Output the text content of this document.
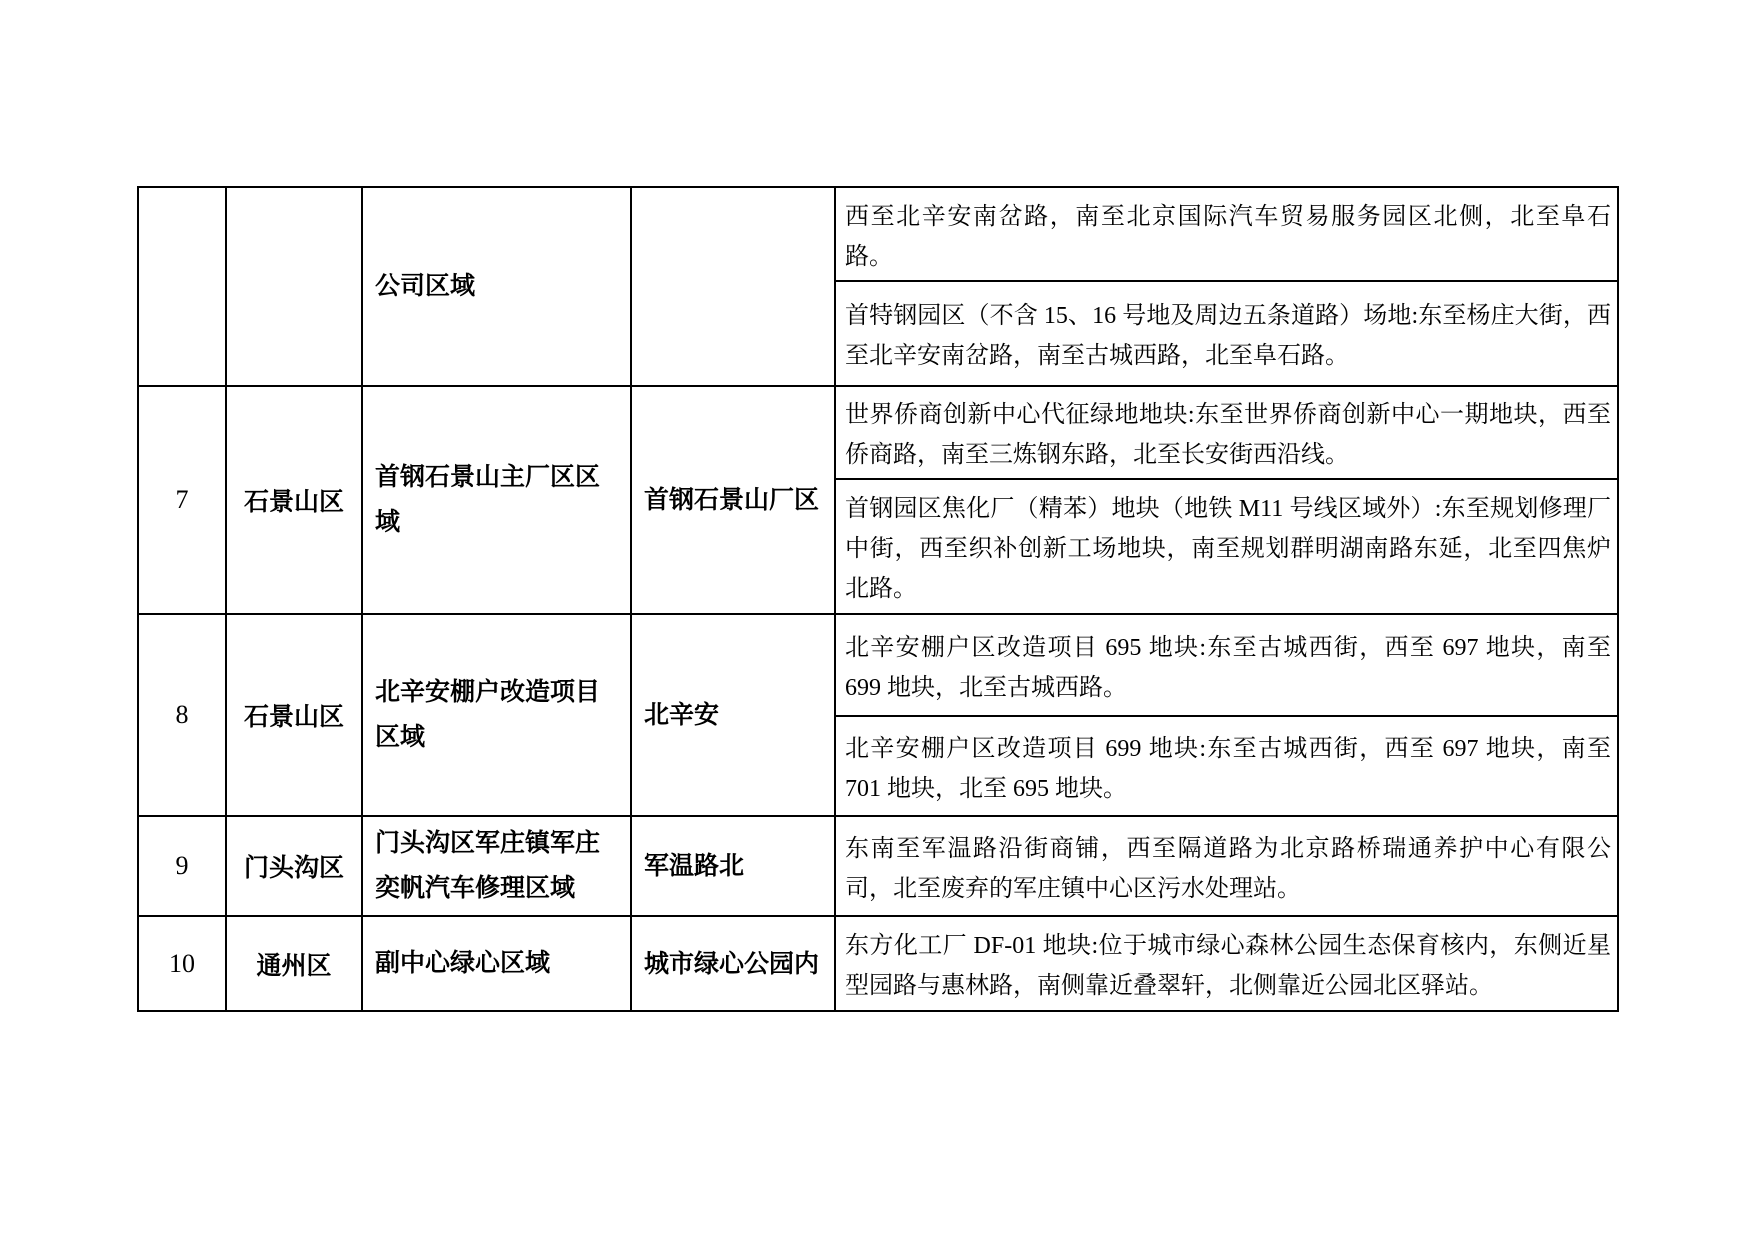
		公司区域		西至北辛安南岔路，南至北京国际汽车贸易服务园区北侧，北至阜石路。
				首特钢园区（不含 15、16 号地及周边五条道路）场地:东至杨庄大街，西至北辛安南岔路，南至古城西路，北至阜石路。
7	石景山区	首钢石景山主厂区区域	首钢石景山厂区	世界侨商创新中心代征绿地地块:东至世界侨商创新中心一期地块，西至侨商路，南至三炼钢东路，北至长安街西沿线。
				首钢园区焦化厂（精苯）地块（地铁 M11 号线区域外）:东至规划修理厂中街，西至织补创新工场地块，南至规划群明湖南路东延，北至四焦炉北路。
8	石景山区	北辛安棚户改造项目区域	北辛安	北辛安棚户区改造项目 695 地块:东至古城西街，西至 697 地块，南至 699 地块，北至古城西路。
				北辛安棚户区改造项目 699 地块:东至古城西街，西至 697 地块，南至 701 地块，北至 695 地块。
9	门头沟区	门头沟区军庄镇军庄奕帆汽车修理区域	军温路北	东南至军温路沿街商铺，西至隔道路为北京路桥瑞通养护中心有限公司，北至废弃的军庄镇中心区污水处理站。
10	通州区	副中心绿心区域	城市绿心公园内	东方化工厂 DF-01 地块:位于城市绿心森林公园生态保育核内，东侧近星型园路与惠林路，南侧靠近叠翠轩，北侧靠近公园北区驿站。
